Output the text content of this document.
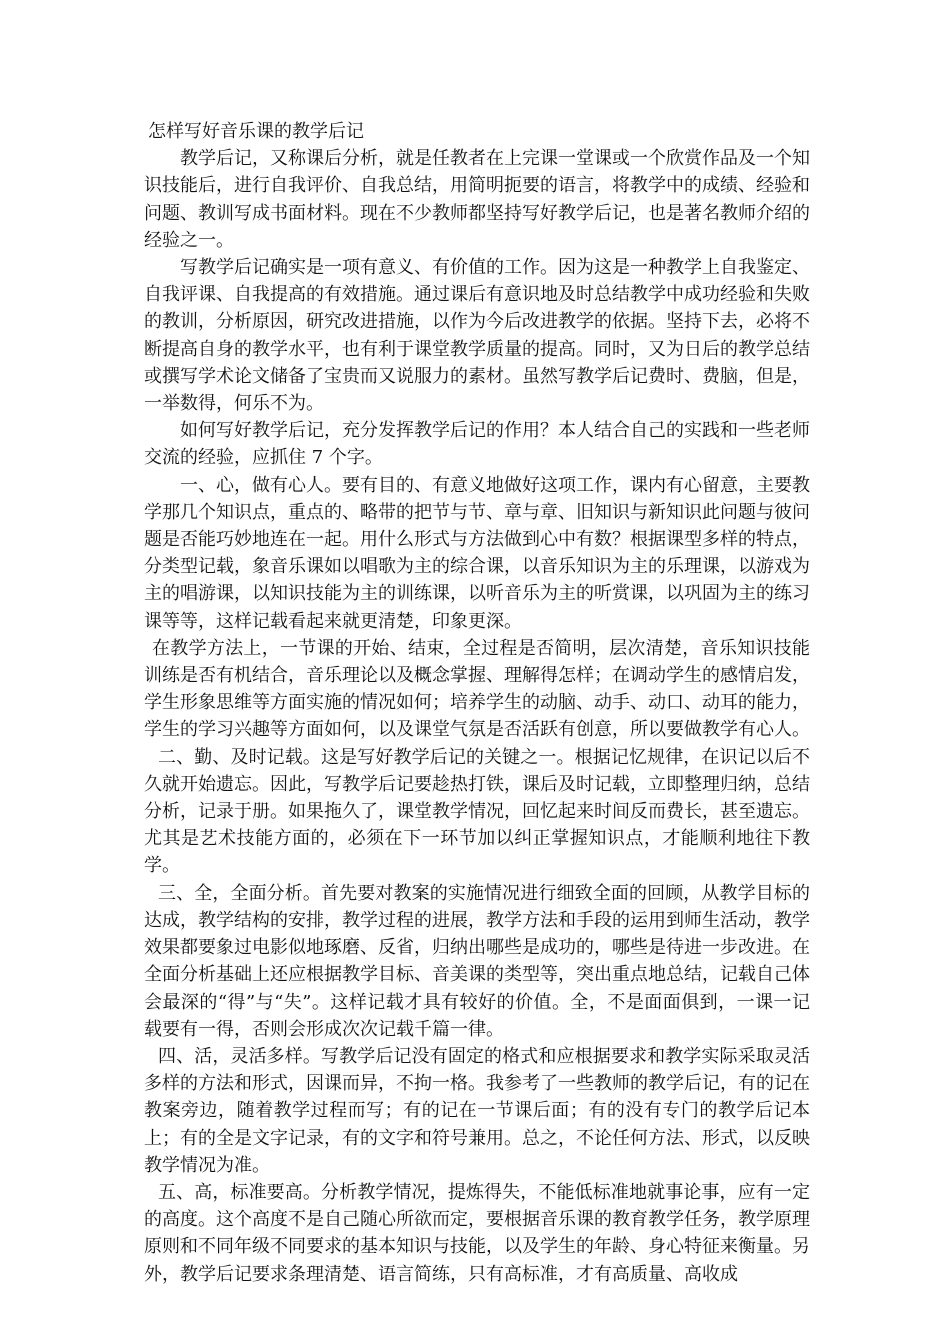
怎样写好音乐课的教学后记

教学后记，又称课后分析，就是任教者在上完课一堂课或一个欣赏作品及一个知识技能后，进行自我评价、自我总结，用简明扼要的语言，将教学中的成绩、经验和问题、教训写成书面材料。现在不少教师都坚持写好教学后记，也是著名教师介绍的经验之一。

写教学后记确实是一项有意义、有价值的工作。因为这是一种教学上自我鉴定、自我评课、自我提高的有效措施。通过课后有意识地及时总结教学中成功经验和失败的教训，分析原因，研究改进措施，以作为今后改进教学的依据。坚持下去，必将不断提高自身的教学水平，也有利于课堂教学质量的提高。同时，又为日后的教学总结或撰写学术论文储备了宝贵而又说服力的素材。虽然写教学后记费时、费脑，但是，一举数得，何乐不为。

如何写好教学后记，充分发挥教学后记的作用？本人结合自己的实践和一些老师交流的经验，应抓住 7 个字。

一、心，做有心人。要有目的、有意义地做好这项工作，课内有心留意，主要教学那几个知识点，重点的、略带的把节与节、章与章、旧知识与新知识此问题与彼问题是否能巧妙地连在一起。用什么形式与方法做到心中有数？根据课型多样的特点，分类型记载，象音乐课如以唱歌为主的综合课，以音乐知识为主的乐理课，以游戏为主的唱游课，以知识技能为主的训练课，以听音乐为主的听赏课，以巩固为主的练习课等等，这样记载看起来就更清楚，印象更深。

在教学方法上，一节课的开始、结束，全过程是否简明，层次清楚，音乐知识技能训练是否有机结合，音乐理论以及概念掌握、理解得怎样；在调动学生的感情启发，学生形象思维等方面实施的情况如何；培养学生的动脑、动手、动口、动耳的能力，学生的学习兴趣等方面如何，以及课堂气氛是否活跃有创意，所以要做教学有心人。

二、勤、及时记载。这是写好教学后记的关键之一。根据记忆规律，在识记以后不久就开始遗忘。因此，写教学后记要趁热打铁，课后及时记载，立即整理归纳，总结分析，记录于册。如果拖久了，课堂教学情况，回忆起来时间反而费长，甚至遗忘。尤其是艺术技能方面的，必须在下一环节加以纠正掌握知识点，才能顺利地往下教学。

三、全，全面分析。首先要对教案的实施情况进行细致全面的回顾，从教学目标的达成，教学结构的安排，教学过程的进展，教学方法和手段的运用到师生活动，教学效果都要象过电影似地琢磨、反省，归纳出哪些是成功的，哪些是待进一步改进。在全面分析基础上还应根据教学目标、音美课的类型等，突出重点地总结，记载自己体会最深的“得”与“失”。这样记载才具有较好的价值。全，不是面面俱到，一课一记载要有一得，否则会形成次次记载千篇一律。

四、活，灵活多样。写教学后记没有固定的格式和应根据要求和教学实际采取灵活多样的方法和形式，因课而异，不拘一格。我参考了一些教师的教学后记，有的记在教案旁边，随着教学过程而写；有的记在一节课后面；有的没有专门的教学后记本上；有的全是文字记录，有的文字和符号兼用。总之，不论任何方法、形式，以反映教学情况为准。

五、高，标准要高。分析教学情况，提炼得失，不能低标准地就事论事，应有一定的高度。这个高度不是自己随心所欲而定，要根据音乐课的教育教学任务，教学原理原则和不同年级不同要求的基本知识与技能，以及学生的年龄、身心特征来衡量。另外，教学后记要求条理清楚、语言简练，只有高标准，才有高质量、高收成
